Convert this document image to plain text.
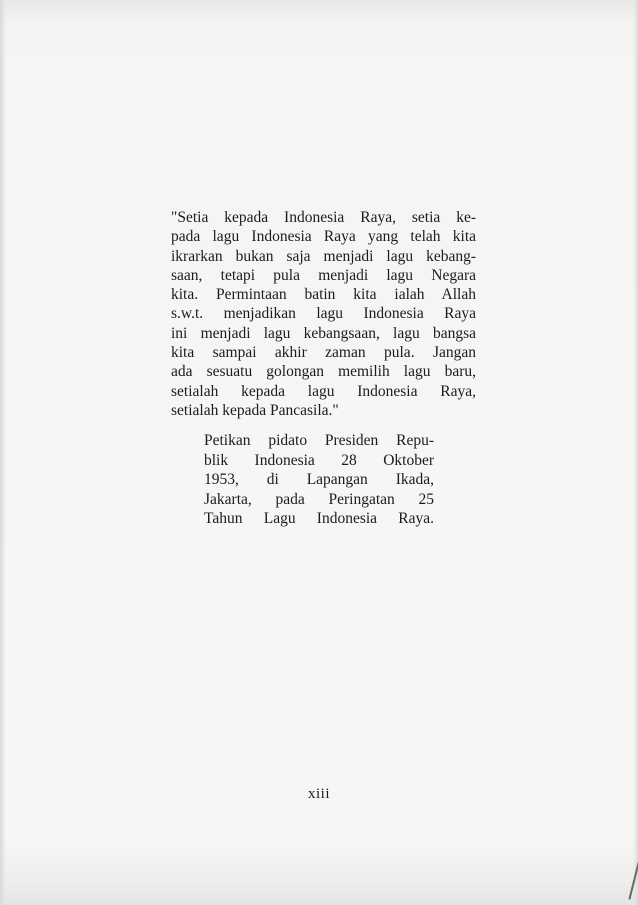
"Setia kepada Indonesia Raya, setia ke-
pada lagu Indonesia Raya yang telah kita
ikrarkan bukan saja menjadi lagu kebang-
saan, tetapi pula menjadi lagu Negara
kita. Permintaan batin kita ialah Allah
s.w.t. menjadikan lagu Indonesia Raya
ini menjadi lagu kebangsaan, lagu bangsa
kita sampai akhir zaman pula. Jangan
ada sesuatu golongan memilih lagu baru,
setialah kepada lagu Indonesia Raya,
setialah kepada Pancasila."

Petikan pidato Presiden Repu-
blik Indonesia 28 Oktober
1953, di Lapangan Ikada,
Jakarta, pada Peringatan 25
Tahun Lagu Indonesia Raya.

xiii
